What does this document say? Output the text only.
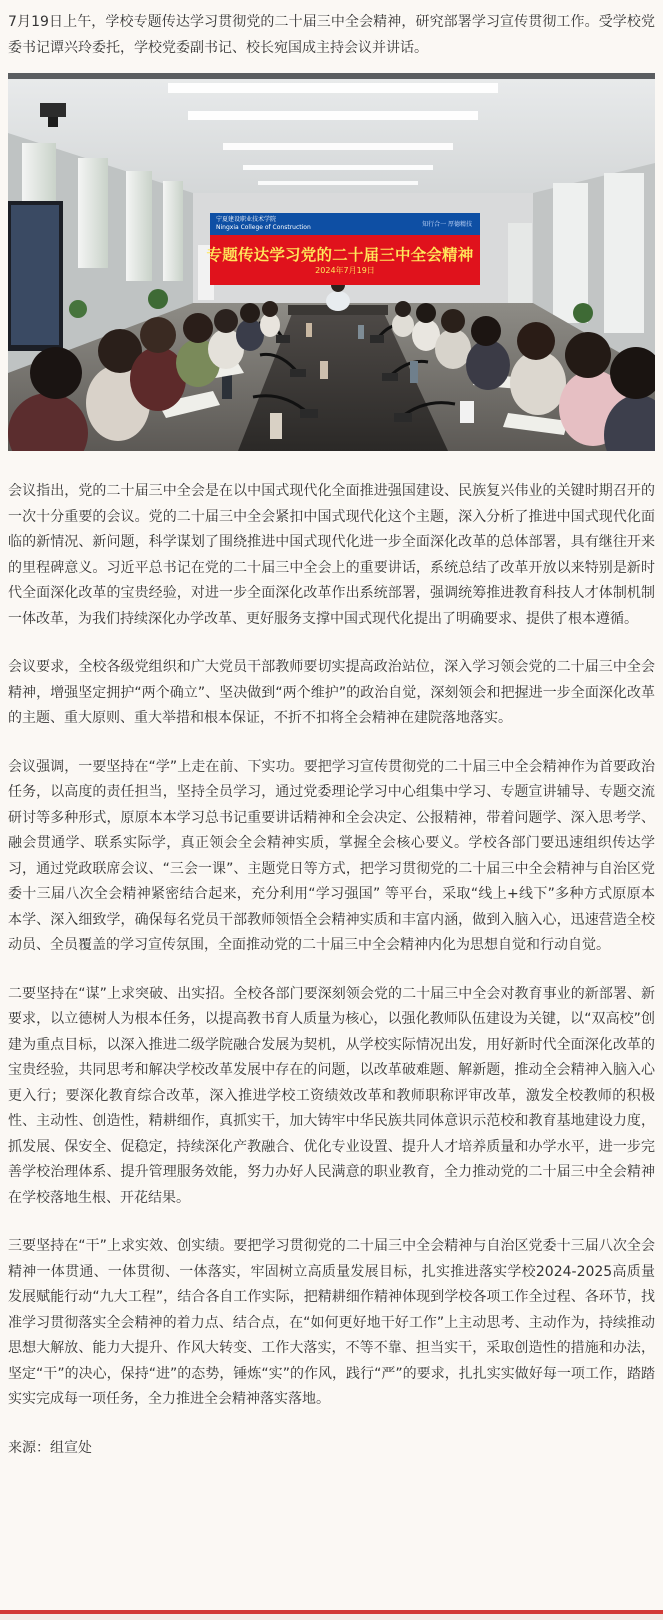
7月19日上午，学校专题传达学习贯彻党的二十届三中全会精神，研究部署学习宣传贯彻工作。受学校党委书记谭兴玲委托，学校党委副书记、校长宛国成主持会议并讲话。

宁夏建设职业技术学院
Ningxia College of Construction	知行合一 厚德精技
专题传达学习党的二十届三中全会精神
2024年7月19日

会议指出，党的二十届三中全会是在以中国式现代化全面推进强国建设、民族复兴伟业的关键时期召开的一次十分重要的会议。党的二十届三中全会紧扣中国式现代化这个主题，深入分析了推进中国式现代化面临的新情况、新问题，科学谋划了围绕推进中国式现代化进一步全面深化改革的总体部署，具有继往开来的里程碑意义。习近平总书记在党的二十届三中全会上的重要讲话，系统总结了改革开放以来特别是新时代全面深化改革的宝贵经验，对进一步全面深化改革作出系统部署，强调统筹推进教育科技人才体制机制一体改革，为我们持续深化办学改革、更好服务支撑中国式现代化提出了明确要求、提供了根本遵循。

会议要求，全校各级党组织和广大党员干部教师要切实提高政治站位，深入学习领会党的二十届三中全会精神，增强坚定拥护“两个确立”、坚决做到“两个维护”的政治自觉，深刻领会和把握进一步全面深化改革的主题、重大原则、重大举措和根本保证，不折不扣将全会精神在建院落地落实。

会议强调，一要坚持在“学”上走在前、下实功。要把学习宣传贯彻党的二十届三中全会精神作为首要政治任务，以高度的责任担当，坚持全员学习，通过党委理论学习中心组集中学习、专题宣讲辅导、专题交流研讨等多种形式，原原本本学习总书记重要讲话精神和全会决定、公报精神，带着问题学、深入思考学、融会贯通学、联系实际学，真正领会全会精神实质，掌握全会核心要义。学校各部门要迅速组织传达学习，通过党政联席会议、“三会一课”、主题党日等方式，把学习贯彻党的二十届三中全会精神与自治区党委十三届八次全会精神紧密结合起来，充分利用“学习强国” 等平台，采取“线上+线下”多种方式原原本本学、深入细致学，确保每名党员干部教师领悟全会精神实质和丰富内涵，做到入脑入心，迅速营造全校动员、全员覆盖的学习宣传氛围，全面推动党的二十届三中全会精神内化为思想自觉和行动自觉。

二要坚持在“谋”上求突破、出实招。全校各部门要深刻领会党的二十届三中全会对教育事业的新部署、新要求，以立德树人为根本任务，以提高教书育人质量为核心，以强化教师队伍建设为关键，以“双高校”创建为重点目标，以深入推进二级学院融合发展为契机，从学校实际情况出发，用好新时代全面深化改革的宝贵经验，共同思考和解决学校改革发展中存在的问题，以改革破难题、解新题，推动全会精神入脑入心更入行；要深化教育综合改革，深入推进学校工资绩效改革和教师职称评审改革，激发全校教师的积极性、主动性、创造性，精耕细作，真抓实干，加大铸牢中华民族共同体意识示范校和教育基地建设力度，抓发展、保安全、促稳定，持续深化产教融合、优化专业设置、提升人才培养质量和办学水平，进一步完善学校治理体系、提升管理服务效能，努力办好人民满意的职业教育，全力推动党的二十届三中全会精神在学校落地生根、开花结果。

三要坚持在“干”上求实效、创实绩。要把学习贯彻党的二十届三中全会精神与自治区党委十三届八次全会精神一体贯通、一体贯彻、一体落实，牢固树立高质量发展目标，扎实推进落实学校2024-2025高质量发展赋能行动“九大工程”，结合各自工作实际，把精耕细作精神体现到学校各项工作全过程、各环节，找准学习贯彻落实全会精神的着力点、结合点，在“如何更好地干好工作”上主动思考、主动作为，持续推动思想大解放、能力大提升、作风大转变、工作大落实，不等不靠、担当实干，采取创造性的措施和办法，坚定“干”的决心，保持“进”的态势，锤炼“实”的作风，践行“严”的要求，扎扎实实做好每一项工作，踏踏实实完成每一项任务，全力推进全会精神落实落地。

来源：组宣处
